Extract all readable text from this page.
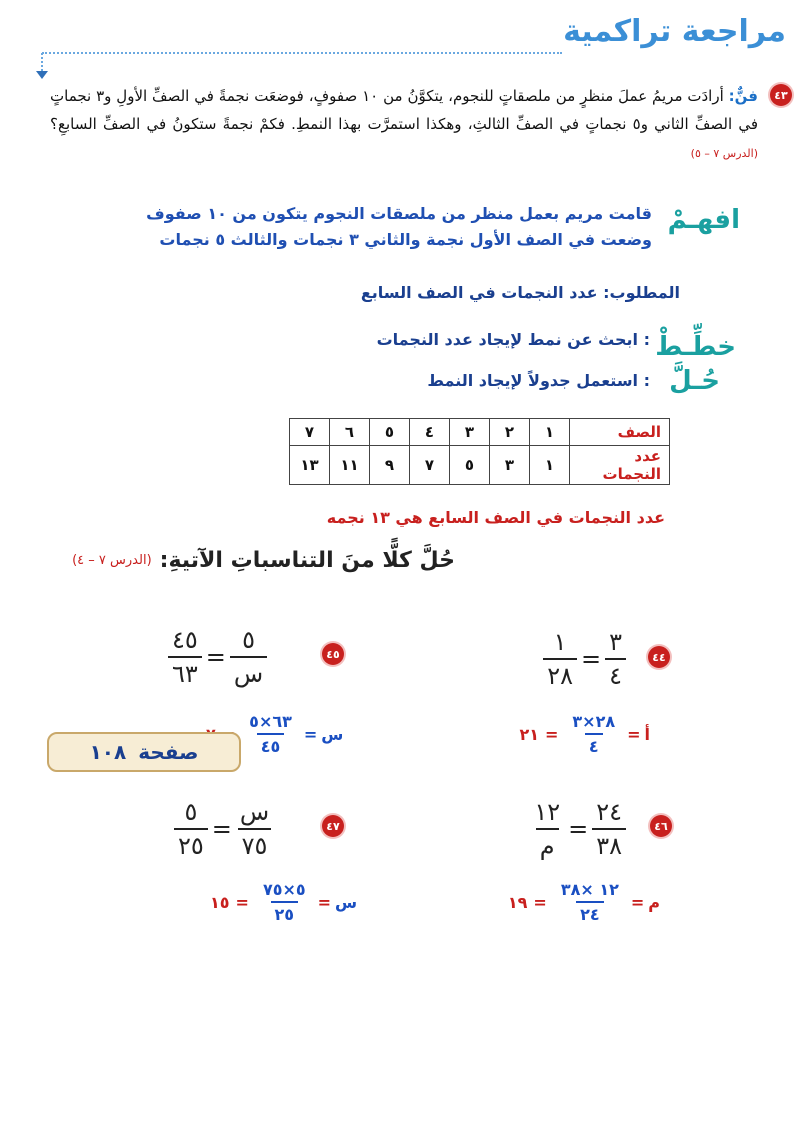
مراجعة تراكمية
٤٣
فنٌّ: أرادَت مريمُ عملَ منظرٍ من ملصقاتٍ للنجوم، يتكوَّنُ من ١٠ صفوفٍ، فوضعَت نجمةً في الصفِّ الأولِ و٣ نجماتٍ في الصفِّ الثاني و٥ نجماتٍ في الصفِّ الثالثِ، وهكذا استمرَّت بهذا النمطِ. فكمْ نجمةً ستكونُ في الصفِّ السابعِ؟ (الدرس ٧ – ٥)
افهـمْ
قامت مريم بعمل منظر من ملصقات النجوم يتكون من ١٠ صفوف
وضعت في الصف الأول نجمة والثاني ٣ نجمات والثالث ٥ نجمات
المطلوب: عدد النجمات في الصف السابع
خطِّـطْ
: ابحث عن نمط لإيجاد عدد النجمات
حُـلَّ
: استعمل جدولاً لإيجاد النمط
الصف	١	٢	٣	٤	٥	٦	٧
عدد النجمات	١	٣	٥	٧	٩	١١	١٣
عدد النجمات في الصف السابع هي ١٣ نجمه
حُلَّ كلًّا منَ التناسباتِ الآتيةِ:
(الدرس ٧ – ٤)
٤٤
$\frac{٣}{٤}$
=
$\frac{١}{٢٨}$
٤٥
$\frac{٥}{\text{س}}$
=
$\frac{٤٥}{٦٣}$
أ
=
$\frac{٢٨\times ٣}{٤}$
=
٢١
س
=
$\frac{٦٣\times ٥}{٤٥}$
٤٦
$\frac{٢٤}{٣٨}$
=
$\frac{١٢}{\text{م}}$
٤٧
$\frac{\text{س}}{٧٥}$
=
$\frac{٥}{٢٥}$
م
=
$\frac{١٢ \times ٣٨}{٢٤}$
=
١٩
س
=
$\frac{٥\times ٧٥}{٢٥}$
=
١٥
صفحة
١٠٨
